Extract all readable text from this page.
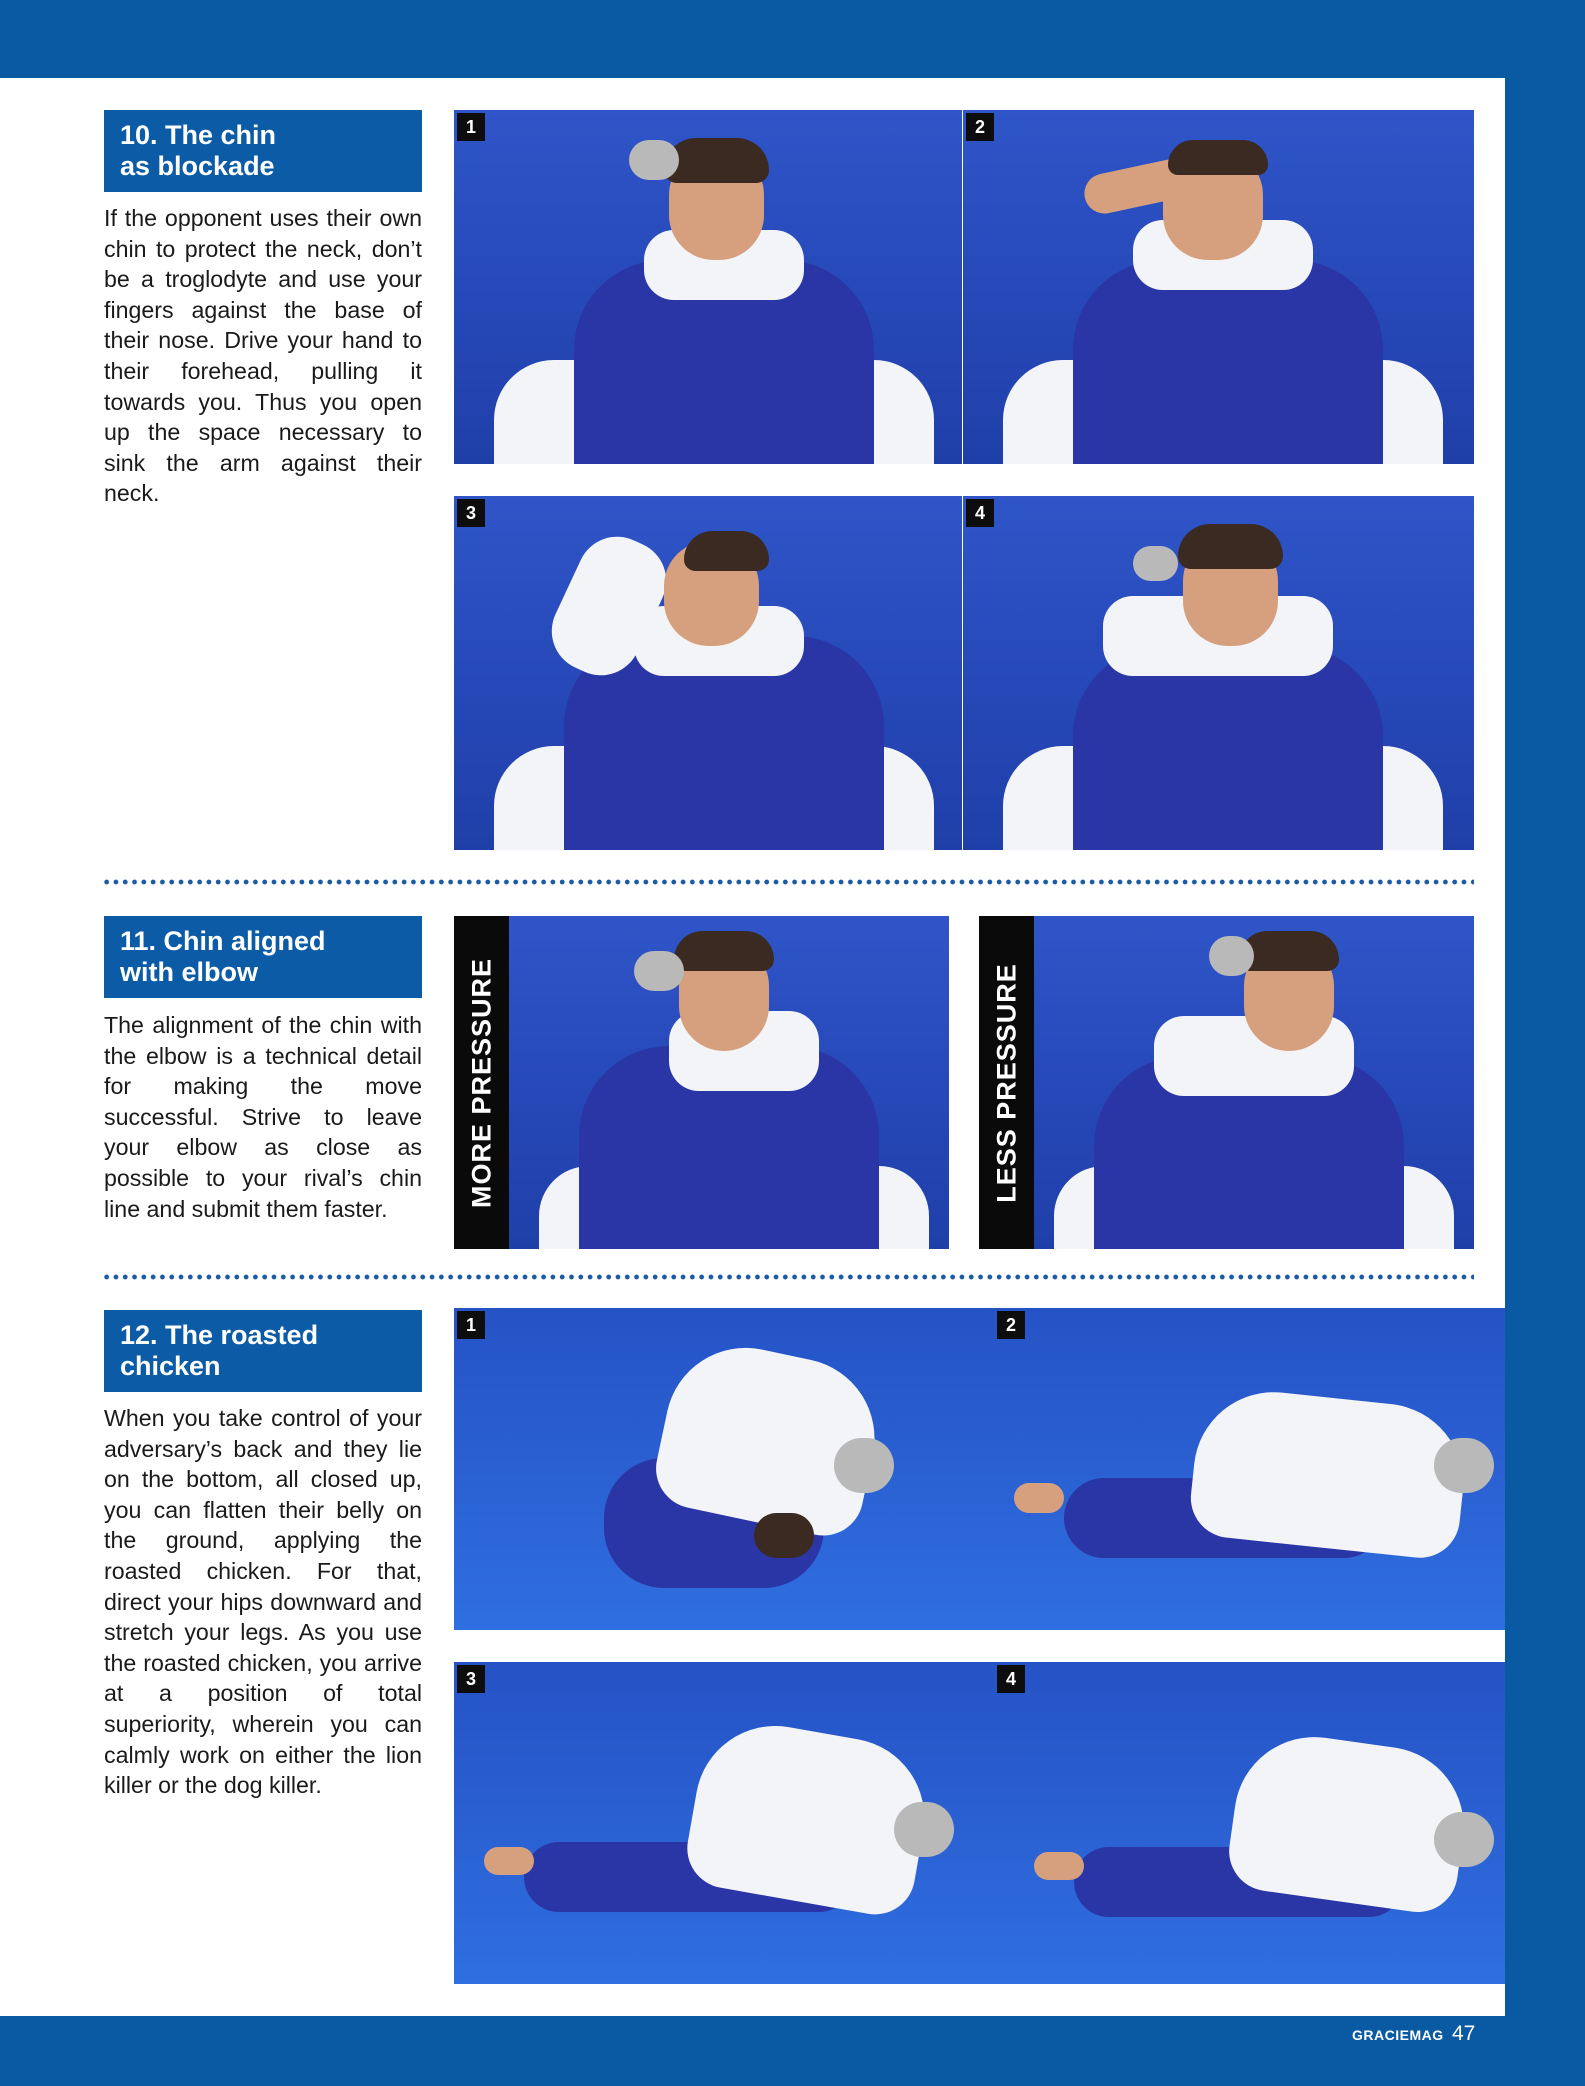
10. The chin
as blockade

If the opponent uses their own chin to protect the neck, don’t be a troglodyte and use your fingers against the base of their nose. Drive your hand to their forehead, pulling it towards you. Thus you open up the space necessary to sink the arm against their neck.

1	2
3	4
11. Chin aligned
with elbow

The alignment of the chin with the elbow is a technical detail for making the move successful. Strive to leave your elbow as close as possible to your rival’s chin line and submit them faster.

MORE PRESSURE	LESS PRESSURE
12. The roasted
chicken

When you take control of your adversary’s back and they lie on the bottom, all closed up, you can flatten their belly on the ground, applying the roasted chicken. For that, direct your hips downward and stretch your legs. As you use the roasted chicken, you arrive at a position of total superiority, wherein you can calmly work on either the lion killer or the dog killer.

1	2
3	4
GRACIEMAG 47
